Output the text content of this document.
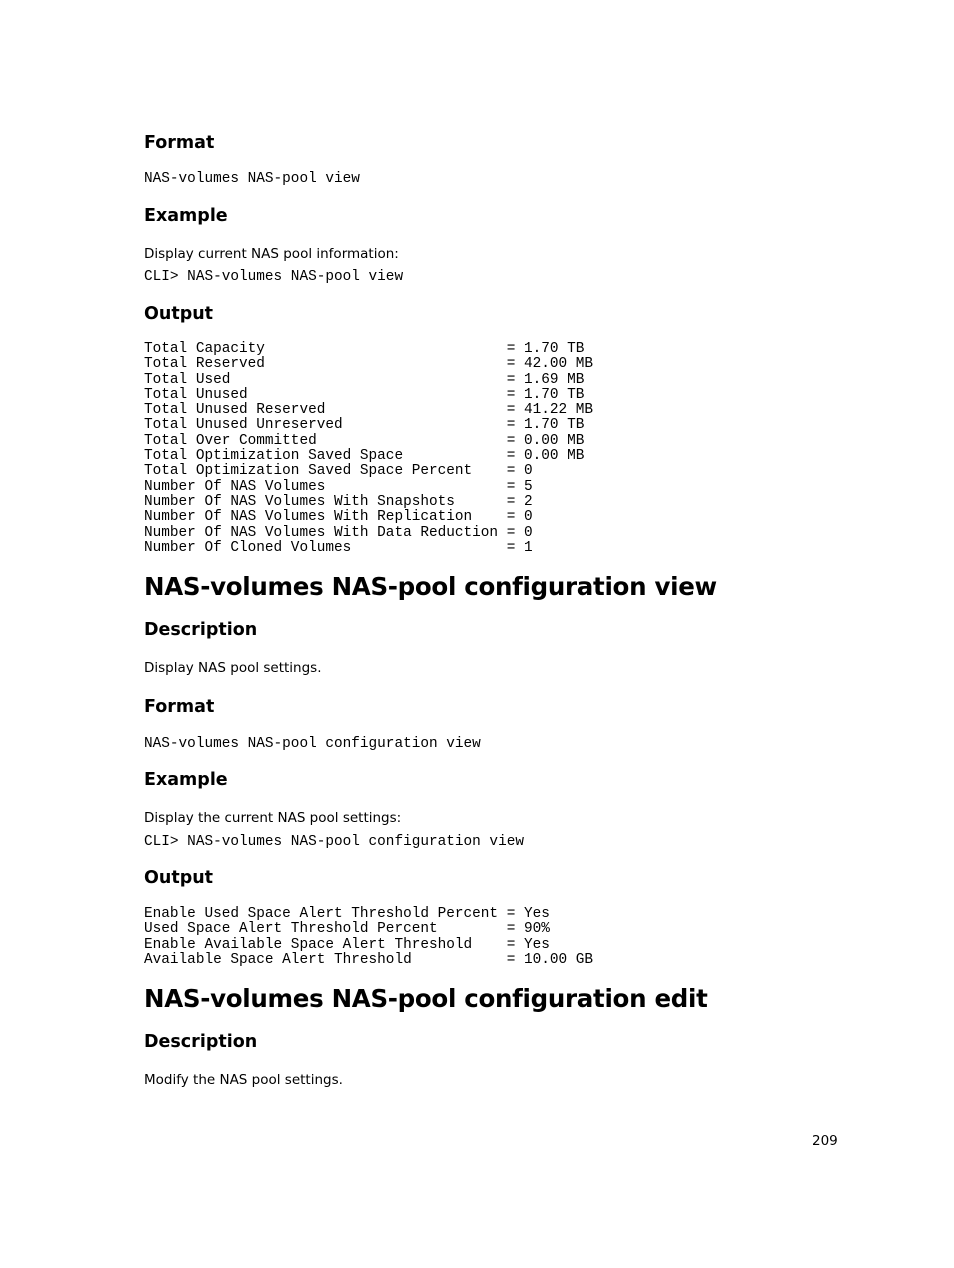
Format
NAS-volumes NAS-pool view
Example

Display current NAS pool information:

CLI> NAS-volumes NAS-pool view
Output
Total Capacity                            = 1.70 TB
Total Reserved                            = 42.00 MB
Total Used                                = 1.69 MB
Total Unused                              = 1.70 TB
Total Unused Reserved                     = 41.22 MB
Total Unused Unreserved                   = 1.70 TB
Total Over Committed                      = 0.00 MB
Total Optimization Saved Space            = 0.00 MB
Total Optimization Saved Space Percent    = 0
Number Of NAS Volumes                     = 5
Number Of NAS Volumes With Snapshots      = 2
Number Of NAS Volumes With Replication    = 0
Number Of NAS Volumes With Data Reduction = 0
Number Of Cloned Volumes                  = 1
NAS-volumes NAS-pool configuration view
Description

Display NAS pool settings.

Format
NAS-volumes NAS-pool configuration view
Example

Display the current NAS pool settings:

CLI> NAS-volumes NAS-pool configuration view
Output
Enable Used Space Alert Threshold Percent = Yes
Used Space Alert Threshold Percent        = 90%
Enable Available Space Alert Threshold    = Yes
Available Space Alert Threshold           = 10.00 GB
NAS-volumes NAS-pool configuration edit
Description

Modify the NAS pool settings.

209
